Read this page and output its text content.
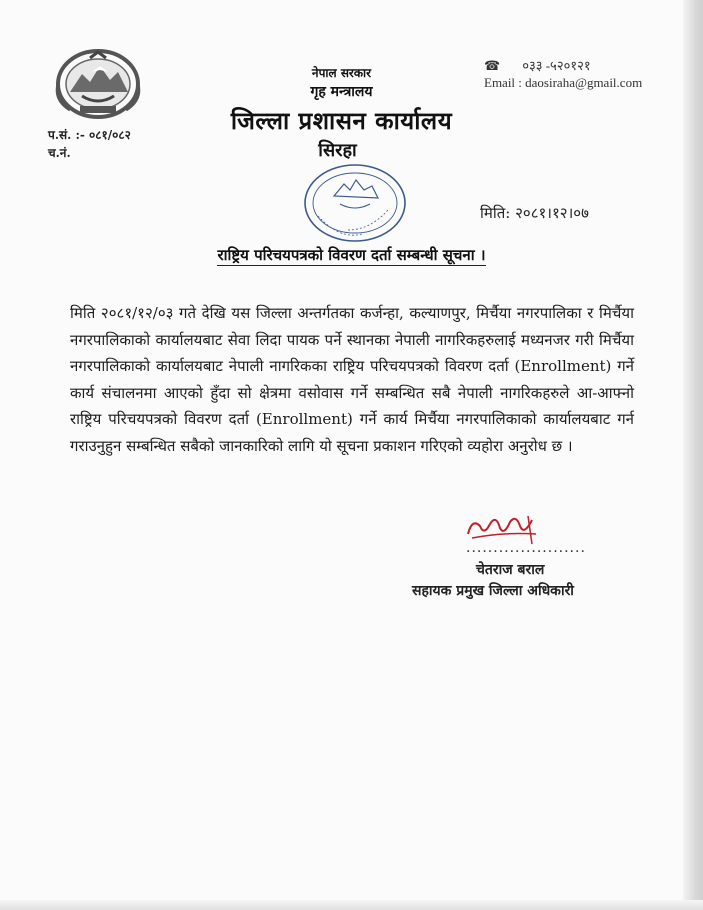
प.सं. :- ०८१/०८२
च.नं.
नेपाल सरकार
गृह मन्त्रालय
जिल्ला प्रशासन कार्यालय
सिरहा
☎ ०३३ -५२०१२१
Email : daosiraha@gmail.com
मिति: २०८१।१२।०७
राष्ट्रिय परिचयपत्रको विवरण दर्ता सम्बन्धी सूचना ।
मिति २०८१/१२/०३ गते देखि यस जिल्ला अन्तर्गतका कर्जन्हा, कल्याणपुर, मिर्चैया नगरपालिका र मिर्चैया नगरपालिकाको कार्यालयबाट सेवा लिदा पायक पर्ने स्थानका नेपाली नागरिकहरुलाई मध्यनजर गरी मिर्चैया नगरपालिकाको कार्यालयबाट नेपाली नागरिकका राष्ट्रिय परिचयपत्रको विवरण दर्ता (Enrollment) गर्ने कार्य संचालनमा आएको हुँदा सो क्षेत्रमा वसोवास गर्ने सम्बन्धित सबै नेपाली नागरिकहरुले आ-आफ्नो राष्ट्रिय परिचयपत्रको विवरण दर्ता (Enrollment) गर्ने कार्य मिर्चैया नगरपालिकाको कार्यालयबाट गर्न गराउनुहुन सम्बन्धित सबैको जानकारिको लागि यो सूचना प्रकाशन गरिएको व्यहोरा अनुरोध छ ।
......................
चेतराज बराल
सहायक प्रमुख जिल्ला अधिकारी
